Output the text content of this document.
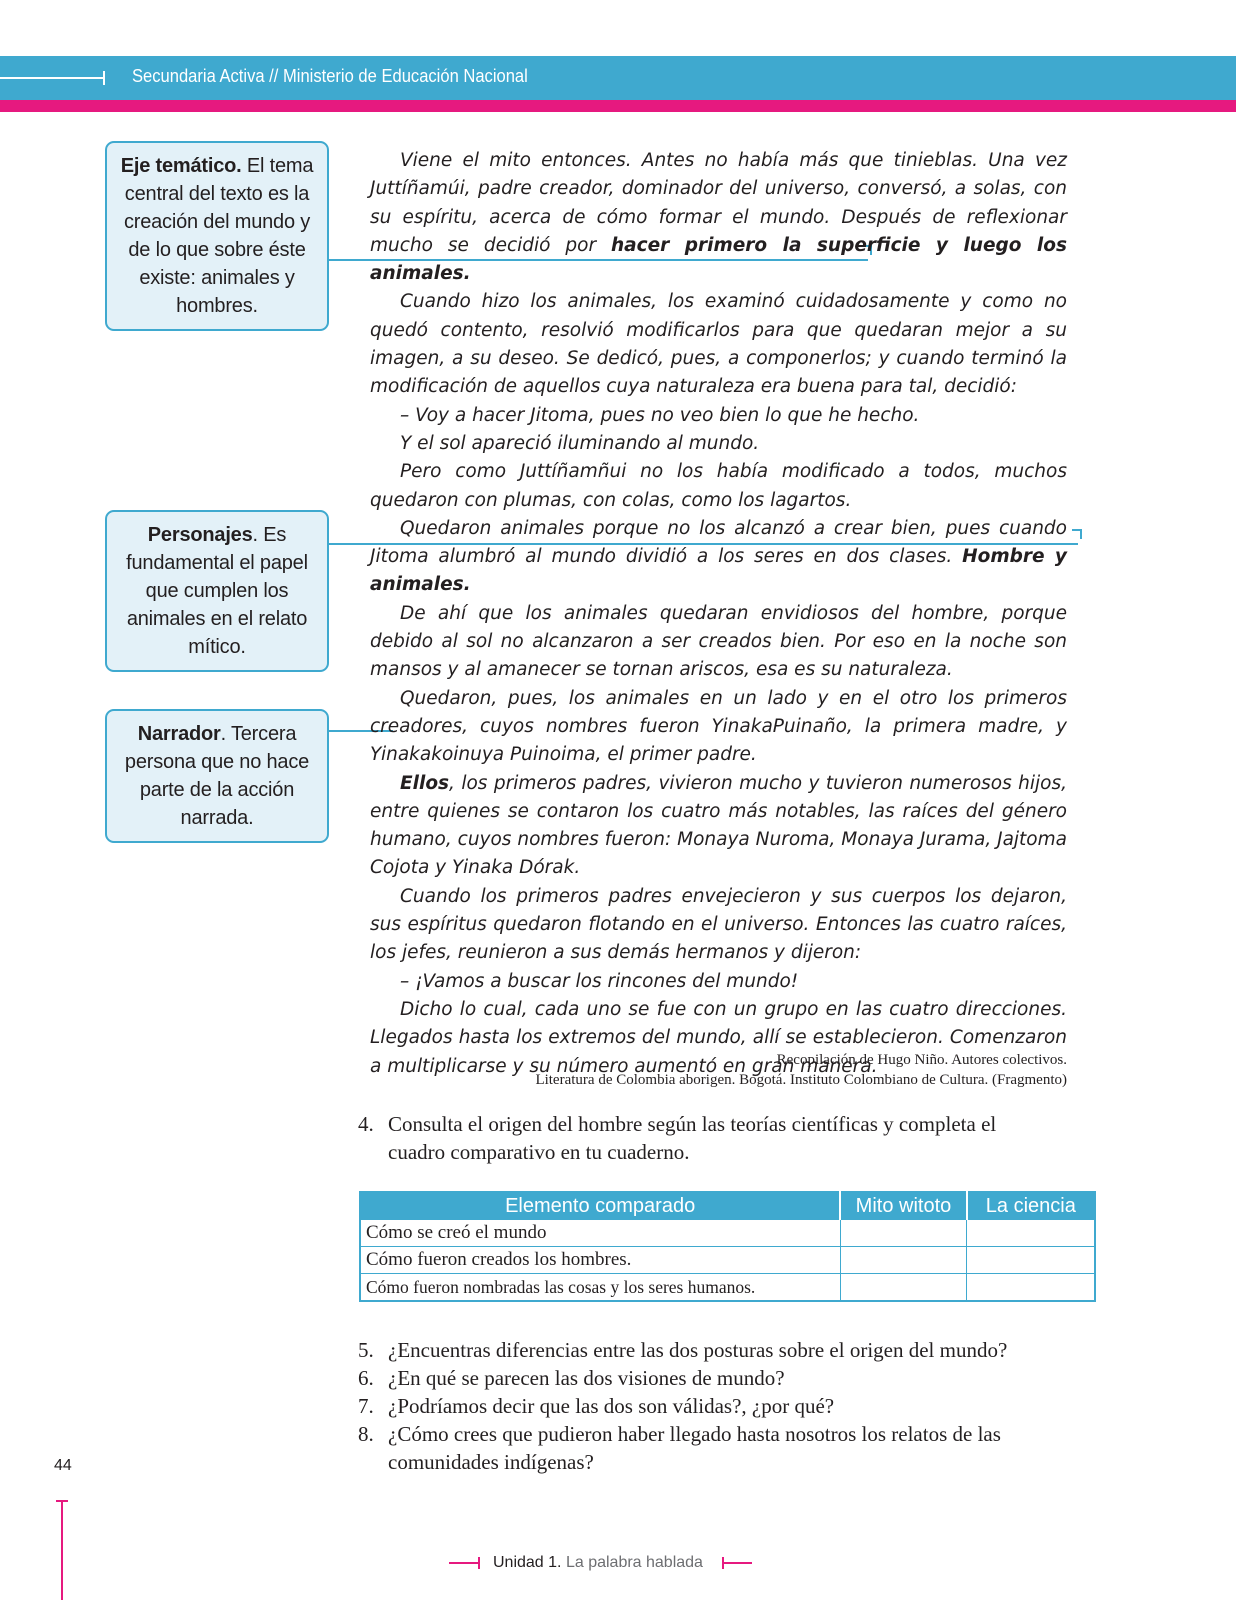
Secundaria Activa // Ministerio de Educación Nacional
Eje temático. El tema central del texto es la creación del mundo y de lo que sobre éste existe: animales y hombres.
Personajes. Es fundamental el papel que cumplen los animales en el relato mítico.
Narrador. Tercera persona que no hace parte de la acción narrada.

Viene el mito entonces. Antes no había más que tinieblas. Una vez Juttíñamúi, padre creador, dominador del universo, conversó, a solas, con su espíritu, acerca de cómo formar el mundo. Después de reflexionar mucho se decidió por hacer primero la superficie y luego los animales.

Cuando hizo los animales, los examinó cuidadosamente y como no quedó contento, resolvió modificarlos para que quedaran mejor a su imagen, a su deseo. Se dedicó, pues, a componerlos; y cuando terminó la modificación de aquellos cuya naturaleza era buena para tal, decidió:

– Voy a hacer Jitoma, pues no veo bien lo que he hecho.

Y el sol apareció iluminando al mundo.

Pero como Juttíñamñui no los había modificado a todos, muchos quedaron con plumas, con colas, como los lagartos.

Quedaron animales porque no los alcanzó a crear bien, pues cuando Jitoma alumbró al mundo dividió a los seres en dos clases. Hombre y animales.

De ahí que los animales quedaran envidiosos del hombre, porque debido al sol no alcanzaron a ser creados bien. Por eso en la noche son mansos y al amanecer se tornan ariscos, esa es su naturaleza.

Quedaron, pues, los animales en un lado y en el otro los primeros creadores, cuyos nombres fueron YinakaPuinaño, la primera madre, y Yinakakoinuya Puinoima, el primer padre.

Ellos, los primeros padres, vivieron mucho y tuvieron numerosos hijos, entre quienes se contaron los cuatro más notables, las raíces del género humano, cuyos nombres fueron: Monaya Nuroma, Monaya Jurama, Jajtoma Cojota y Yinaka Dórak.

Cuando los primeros padres envejecieron y sus cuerpos los dejaron, sus espíritus quedaron flotando en el universo. Entonces las cuatro raíces, los jefes, reunieron a sus demás hermanos y dijeron:

– ¡Vamos a buscar los rincones del mundo!

Dicho lo cual, cada uno se fue con un grupo en las cuatro direcciones. Llegados hasta los extremos del mundo, allí se establecieron. Comenzaron a multiplicarse y su número aumentó en gran manera.

Recopilación de Hugo Niño. Autores colectivos.
Literatura de Colombia aborigen. Bogotá. Instituto Colombiano de Cultura. (Fragmento)
4. Consulta el origen del hombre según las teorías científicas y completa el
cuadro comparativo en tu cuaderno.
Elemento comparado	Mito witoto	La ciencia
Cómo se creó el mundo		
Cómo fueron creados los hombres.		
Cómo fueron nombradas las cosas y los seres humanos.		
5. ¿Encuentras diferencias entre las dos posturas sobre el origen del mundo?
6. ¿En qué se parecen las dos visiones de mundo?
7. ¿Podríamos decir que las dos son válidas?, ¿por qué?
8. ¿Cómo crees que pudieron haber llegado hasta nosotros los relatos de las
comunidades indígenas?
44
Unidad 1. La palabra hablada
